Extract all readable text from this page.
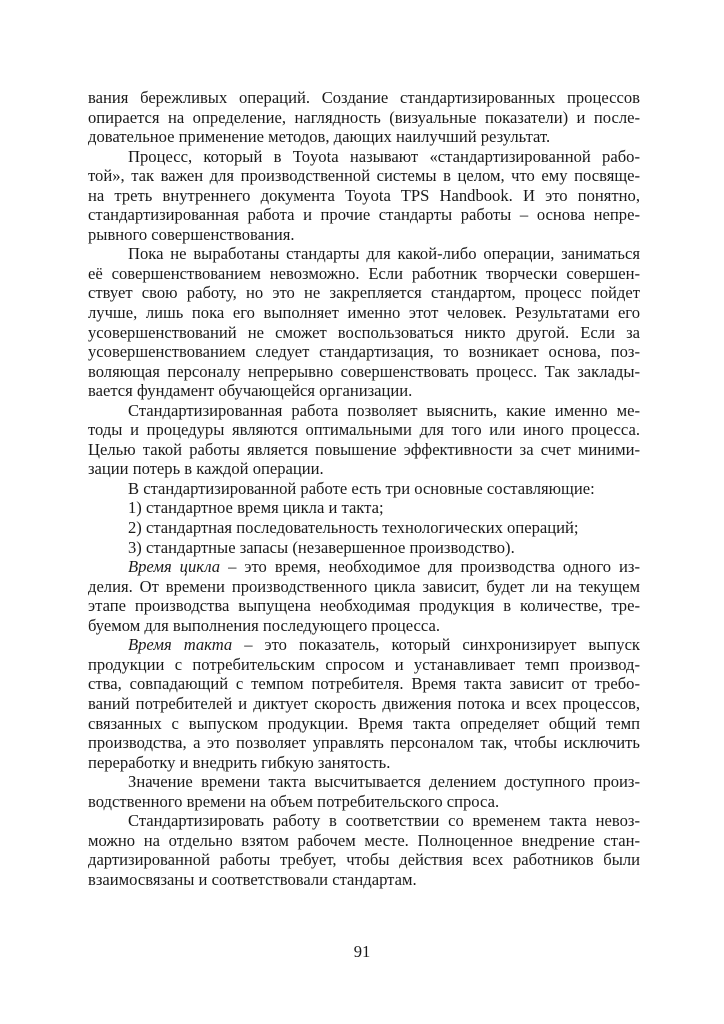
вания бережливых операций. Создание стандартизированных процессов
опирается на определение, наглядность (визуальные показатели) и после-
довательное применение методов, дающих наилучший результат.
Процесс, который в Toyota называют «стандартизированной рабо-
той», так важен для производственной системы в целом, что ему посвяще-
на треть внутреннего документа Toyota TPS Handbook. И это понятно,
стандартизированная работа и прочие стандарты работы – основа непре-
рывного совершенствования.
Пока не выработаны стандарты для какой-либо операции, заниматься
её совершенствованием невозможно. Если работник творчески совершен-
ствует свою работу, но это не закрепляется стандартом, процесс пойдет
лучше, лишь пока его выполняет именно этот человек. Результатами его
усовершенствований не сможет воспользоваться никто другой. Если за
усовершенствованием следует стандартизация, то возникает основа, поз-
воляющая персоналу непрерывно совершенствовать процесс. Так заклады-
вается фундамент обучающейся организации.
Стандартизированная работа позволяет выяснить, какие именно ме-
тоды и процедуры являются оптимальными для того или иного процесса.
Целью такой работы является повышение эффективности за счет миними-
зации потерь в каждой операции.
В стандартизированной работе есть три основные составляющие:
1) стандартное время цикла и такта;
2) стандартная последовательность технологических операций;
3) стандартные запасы (незавершенное производство).
Время цикла – это время, необходимое для производства одного из-
делия. От времени производственного цикла зависит, будет ли на текущем
этапе производства выпущена необходимая продукция в количестве, тре-
буемом для выполнения последующего процесса.
Время такта – это показатель, который синхронизирует выпуск
продукции с потребительским спросом и устанавливает темп производ-
ства, совпадающий с темпом потребителя. Время такта зависит от требо-
ваний потребителей и диктует скорость движения потока и всех процессов,
связанных с выпуском продукции. Время такта определяет общий темп
производства, а это позволяет управлять персоналом так, чтобы исключить
переработку и внедрить гибкую занятость.
Значение времени такта высчитывается делением доступного произ-
водственного времени на объем потребительского спроса.
Стандартизировать работу в соответствии со временем такта невоз-
можно на отдельно взятом рабочем месте. Полноценное внедрение стан-
дартизированной работы требует, чтобы действия всех работников были
взаимосвязаны и соответствовали стандартам.
91
